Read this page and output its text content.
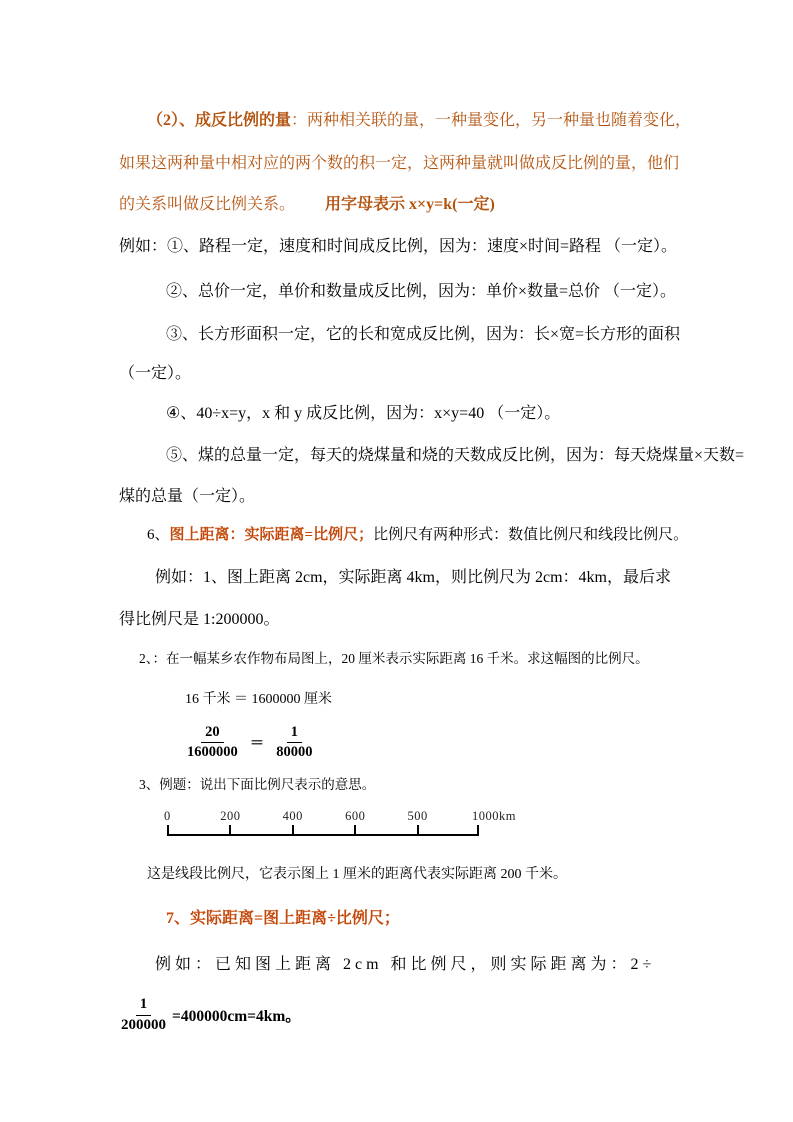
（2）、成反比例的量 ：两种相关联的量，一种量变化，另一种量也随着变化，
如果这两种量中相对应的两个数的积一定，这两种量就叫做成反比例的量，他们
的关系叫做反比例关系。 用字母表示 x×y=k(一定)
例如：①、路程一定，速度和时间成反比例，因为：速度×时间=路程 （一定）。
②、总价一定，单价和数量成反比例，因为：单价×数量=总价 （一定）。
③、长方形面积一定，它的长和宽成反比例，因为：长×宽=长方形的面积
（一定）。
④、40÷x=y，x 和 y 成反比例，因为：x×y=40 （一定）。
⑤、煤的总量一定，每天的烧煤量和烧的天数成反比例，因为：每天烧煤量×天数=
煤的总量（一定）。
6、 图上距离：实际距离=比例尺； 比例尺有两种形式：数值比例尺和线段比例尺。
例如：1、图上距离 2cm，实际距离 4km，则比例尺为 2cm：4km，最后求
得比例尺是 1:200000。
2、：在一幅某乡农作物布局图上，20 厘米表示实际距离 16 千米。求这幅图的比例尺。
16 千米 ＝ 1600000 厘米
$\frac{20}{1600000} = \frac{1}{80000}$
3、例题：说出下面比例尺表示的意思。
0	200	400	600	500	1000km
这是线段比例尺，它表示图上 1 厘米的距离代表实际距离 200 千米。
7、实际距离=图上距离÷比例尺；
例如：已知图上距离 2cm 和比例尺，则实际距离为：2÷
$\frac{1}{200000} =400000cm=4km$。
